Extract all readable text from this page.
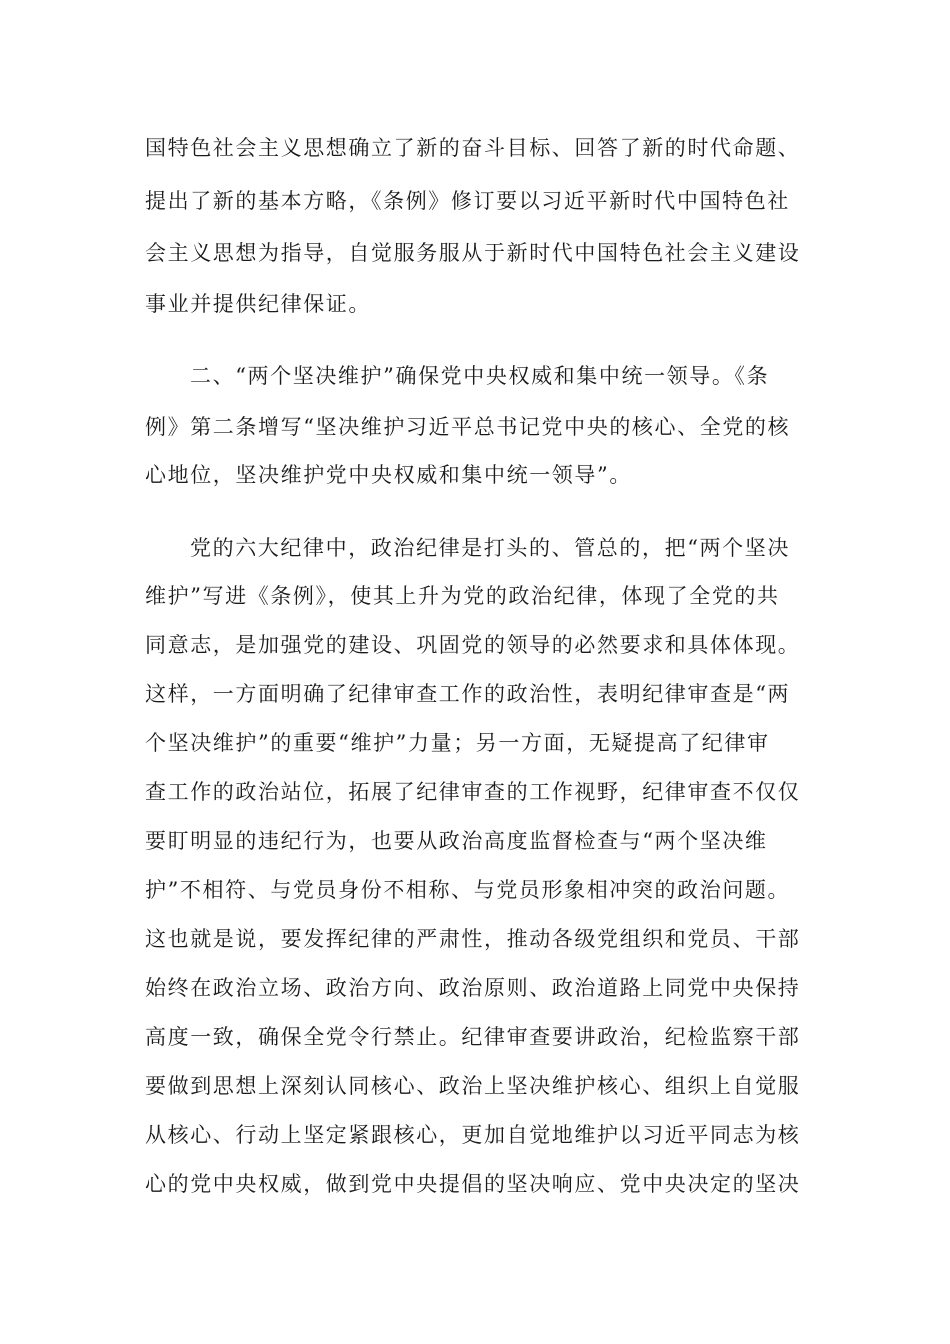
国特色社会主义思想确立了新的奋斗目标、回答了新的时代命题、

提出了新的基本方略，《条例》修订要以习近平新时代中国特色社

会主义思想为指导，自觉服务服从于新时代中国特色社会主义建设

事业并提供纪律保证。

二、“两个坚决维护”确保党中央权威和集中统一领导。《条

例》第二条增写“坚决维护习近平总书记党中央的核心、全党的核

心地位，坚决维护党中央权威和集中统一领导”。

党的六大纪律中，政治纪律是打头的、管总的，把“两个坚决

维护”写进《条例》，使其上升为党的政治纪律，体现了全党的共

同意志，是加强党的建设、巩固党的领导的必然要求和具体体现。

这样，一方面明确了纪律审查工作的政治性，表明纪律审查是“两

个坚决维护”的重要“维护”力量；另一方面，无疑提高了纪律审

查工作的政治站位，拓展了纪律审查的工作视野，纪律审查不仅仅

要盯明显的违纪行为，也要从政治高度监督检查与“两个坚决维

护”不相符、与党员身份不相称、与党员形象相冲突的政治问题。

这也就是说，要发挥纪律的严肃性，推动各级党组织和党员、干部

始终在政治立场、政治方向、政治原则、政治道路上同党中央保持

高度一致，确保全党令行禁止。纪律审查要讲政治，纪检监察干部

要做到思想上深刻认同核心、政治上坚决维护核心、组织上自觉服

从核心、行动上坚定紧跟核心，更加自觉地维护以习近平同志为核

心的党中央权威，做到党中央提倡的坚决响应、党中央决定的坚决
